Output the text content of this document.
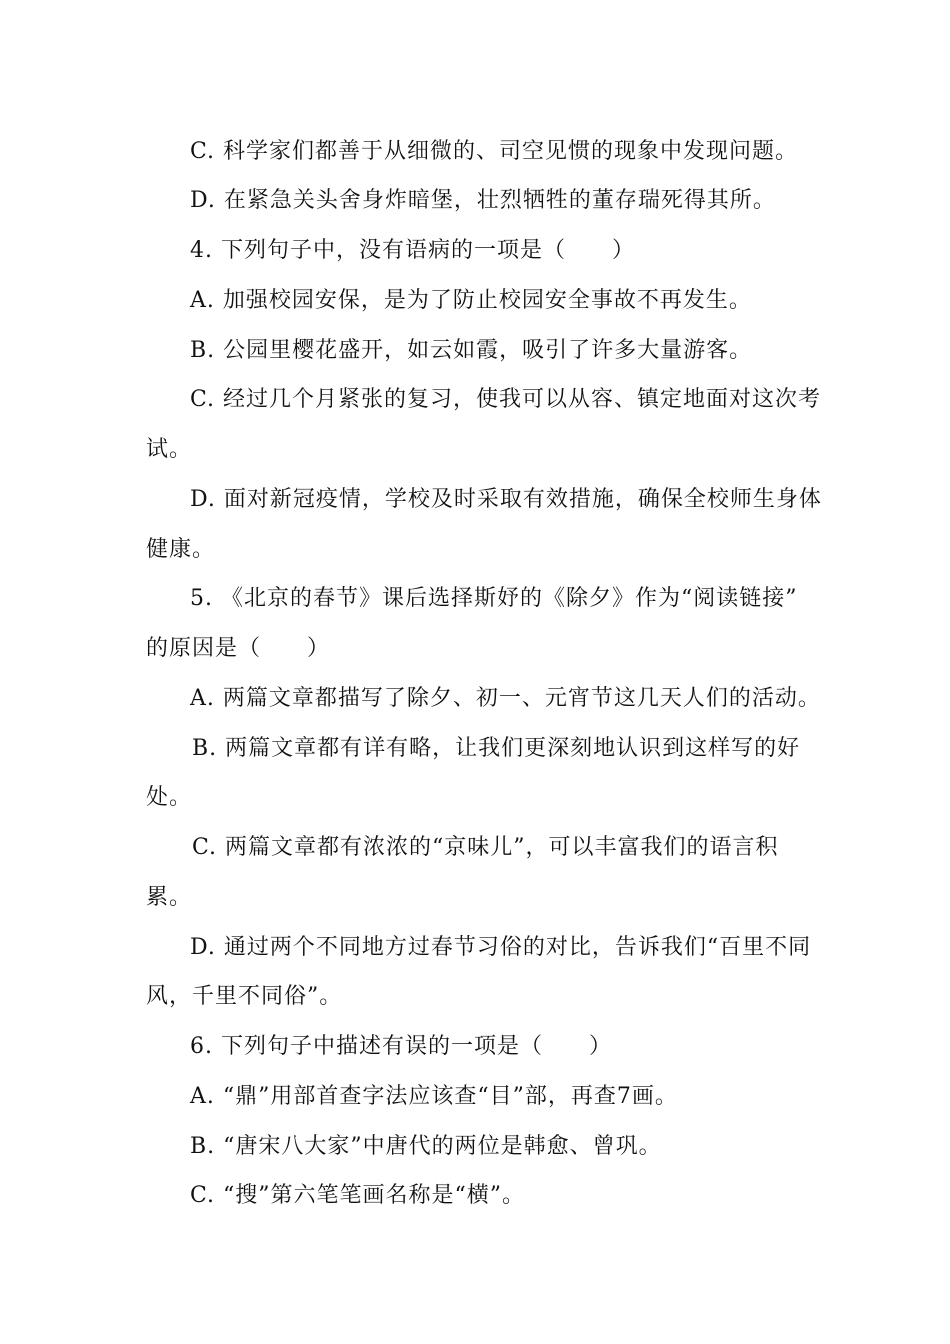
C. 科学家们都善于从细微的、司空见惯的现象中发现问题。
D. 在紧急关头舍身炸暗堡，壮烈牺牲的董存瑞死得其所。
4. 下列句子中，没有语病的一项是（　　）
A. 加强校园安保，是为了防止校园安全事故不再发生。
B. 公园里樱花盛开，如云如霞，吸引了许多大量游客。
C. 经过几个月紧张的复习，使我可以从容、镇定地面对这次考
试。
D. 面对新冠疫情，学校及时采取有效措施，确保全校师生身体
健康。
5. 《北京的春节》课后选择斯妤的《除夕》作为“阅读链接”
的原因是（　　）
A. 两篇文章都描写了除夕、初一、元宵节这几天人们的活动。
B. 两篇文章都有详有略，让我们更深刻地认识到这样写的好
处。
C. 两篇文章都有浓浓的“京味儿”，可以丰富我们的语言积
累。
D. 通过两个不同地方过春节习俗的对比，告诉我们“百里不同
风，千里不同俗”。
6. 下列句子中描述有误的一项是（　　）
A. “鼎”用部首查字法应该查“目”部，再查7画。
B. “唐宋八大家”中唐代的两位是韩愈、曾巩。
C. “搜”第六笔笔画名称是“横”。
